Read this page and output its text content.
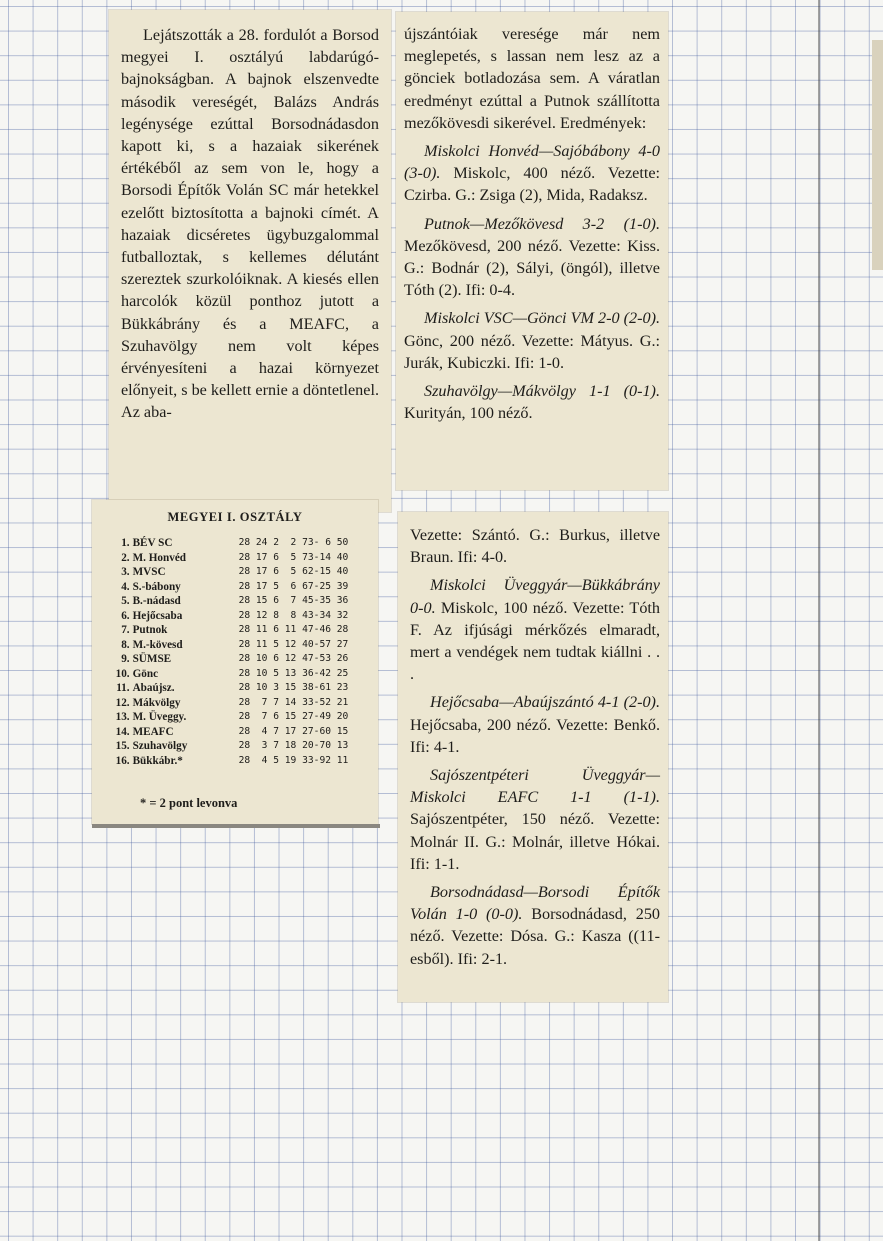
Lejátszották a 28. fordulót a Borsod megyei I. osztályú labdarúgó-bajnokságban. A bajnok elszenvedte második vereségét, Balázs András legénysége ezúttal Borsodnádasdon kapott ki, s a hazaiak sikerének értékéből az sem von le, hogy a Borsodi Építők Volán SC már hetekkel ezelőtt biztosította a bajnoki címét. A hazaiak dicséretes ügybuzgalommal futballoztak, s kellemes délutánt szereztek szurkolóiknak. A kiesés ellen harcolók közül ponthoz jutott a Bükkábrány és a MEAFC, a Szuhavölgy nem volt képes érvényesíteni a hazai környezet előnyeit, s be kellett ernie a döntetlenel. Az aba-

újszántóiak veresége már nem meglepetés, s lassan nem lesz az a gönciek botladozása sem. A váratlan eredményt ezúttal a Putnok szállította mezőkövesdi sikerével. Eredmények:

Miskolci Honvéd—Sajóbábony 4-0 (3-0). Miskolc, 400 néző. Vezette: Czirba. G.: Zsiga (2), Mida, Radaksz.

Putnok—Mezőkövesd 3-2 (1-0). Mezőkövesd, 200 néző. Vezette: Kiss. G.: Bodnár (2), Sályi, (öngól), illetve Tóth (2). Ifi: 0-4.

Miskolci VSC—Gönci VM 2-0 (2-0). Gönc, 200 néző. Vezette: Mátyus. G.: Jurák, Kubiczki. Ifi: 1-0.

Szuhavölgy—Mákvölgy 1-1 (0-1). Kurityán, 100 néző.

MEGYEI I. OSZTÁLY
1.	BÉV SC	28 24 2  2 73- 6 50
2.	M. Honvéd	28 17 6  5 73-14 40
3.	MVSC	28 17 6  5 62-15 40
4.	S.-bábony	28 17 5  6 67-25 39
5.	B.-nádasd	28 15 6  7 45-35 36
6.	Hejőcsaba	28 12 8  8 43-34 32
7.	Putnok	28 11 6 11 47-46 28
8.	M.-kövesd	28 11 5 12 40-57 27
9.	SÜMSE	28 10 6 12 47-53 26
10.	Gönc	28 10 5 13 36-42 25
11.	Abaújsz.	28 10 3 15 38-61 23
12.	Mákvölgy	28  7 7 14 33-52 21
13.	M. Üveggy.	28  7 6 15 27-49 20
14.	MEAFC	28  4 7 17 27-60 15
15.	Szuhavölgy	28  3 7 18 20-70 13
16.	Bükkábr.*	28  4 5 19 33-92 11
* = 2 pont levonva

Vezette: Szántó. G.: Burkus, illetve Braun. Ifi: 4-0.

Miskolci Üveggyár—Bükkábrány 0-0. Miskolc, 100 néző. Vezette: Tóth F. Az ifjúsági mérkőzés elmaradt, mert a vendégek nem tudtak kiállni . . .

Hejőcsaba—Abaújszántó 4-1 (2-0). Hejőcsaba, 200 néző. Vezette: Benkő. Ifi: 4-1.

Sajószentpéteri Üveggyár—Miskolci EAFC 1-1 (1-1). Sajószentpéter, 150 néző. Vezette: Molnár II. G.: Molnár, illetve Hókai. Ifi: 1-1.

Borsodnádasd—Borsodi Építők Volán 1-0 (0-0). Borsodnádasd, 250 néző. Vezette: Dósa. G.: Kasza ((11-esből). Ifi: 2-1.
